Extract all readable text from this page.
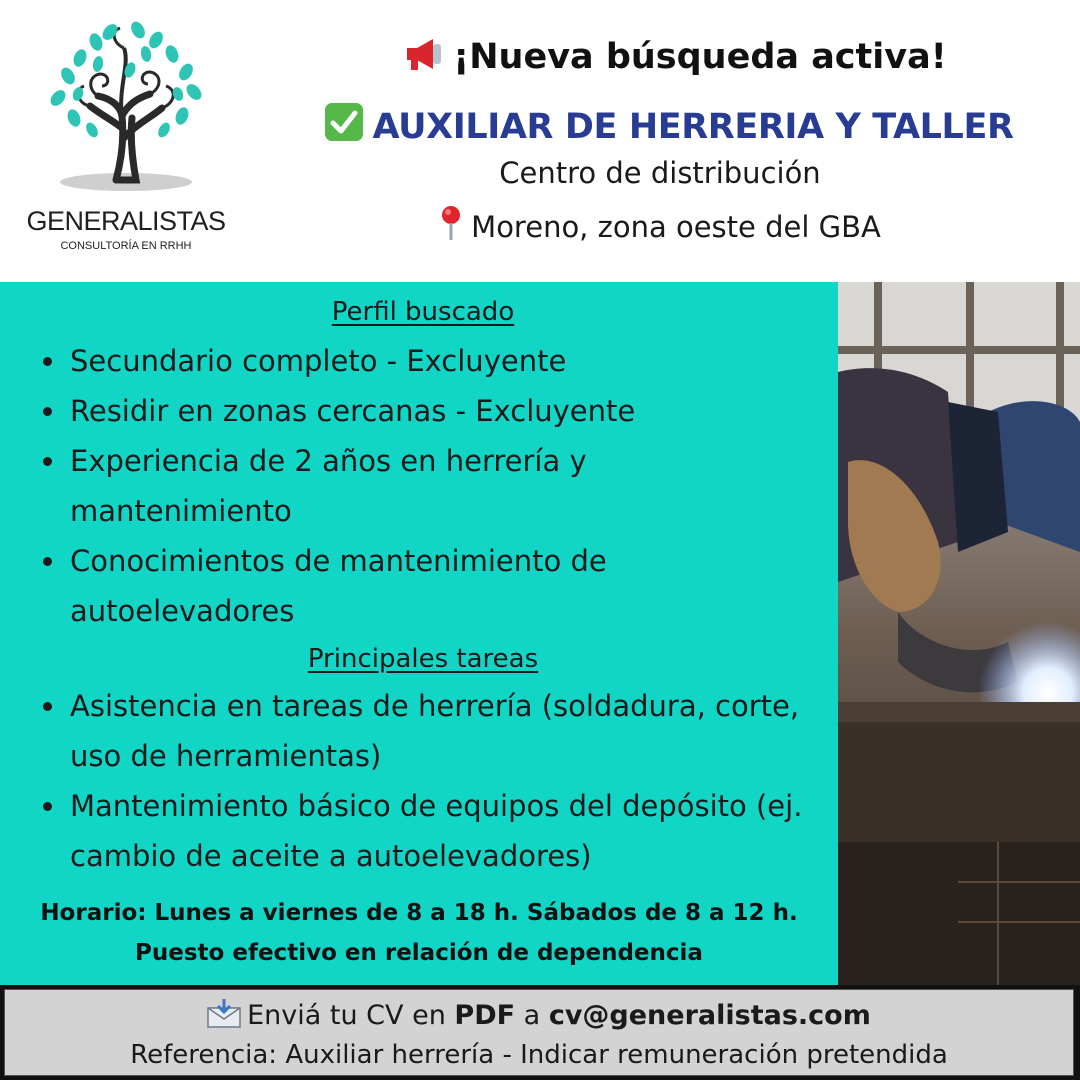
GENERALISTAS
CONSULTORÍA EN RRHH
¡Nueva búsqueda activa!
AUXILIAR DE HERRERIA Y TALLER
Centro de distribución
Moreno, zona oeste del GBA
Perfil buscado
Secundario completo - Excluyente
Residir en zonas cercanas - Excluyente
Experiencia de 2 años en herrería y mantenimiento
Conocimientos de mantenimiento de autoelevadores
Principales tareas
Asistencia en tareas de herrería (soldadura, corte, uso de herramientas)
Mantenimiento básico de equipos del depósito (ej. cambio de aceite a autoelevadores)
Horario: Lunes a viernes de 8 a 18 h. Sábados de 8 a 12 h.
Puesto efectivo en relación de dependencia
Enviá tu CV en PDF a cv@generalistas.com
Referencia: Auxiliar herrería - Indicar remuneración pretendida
